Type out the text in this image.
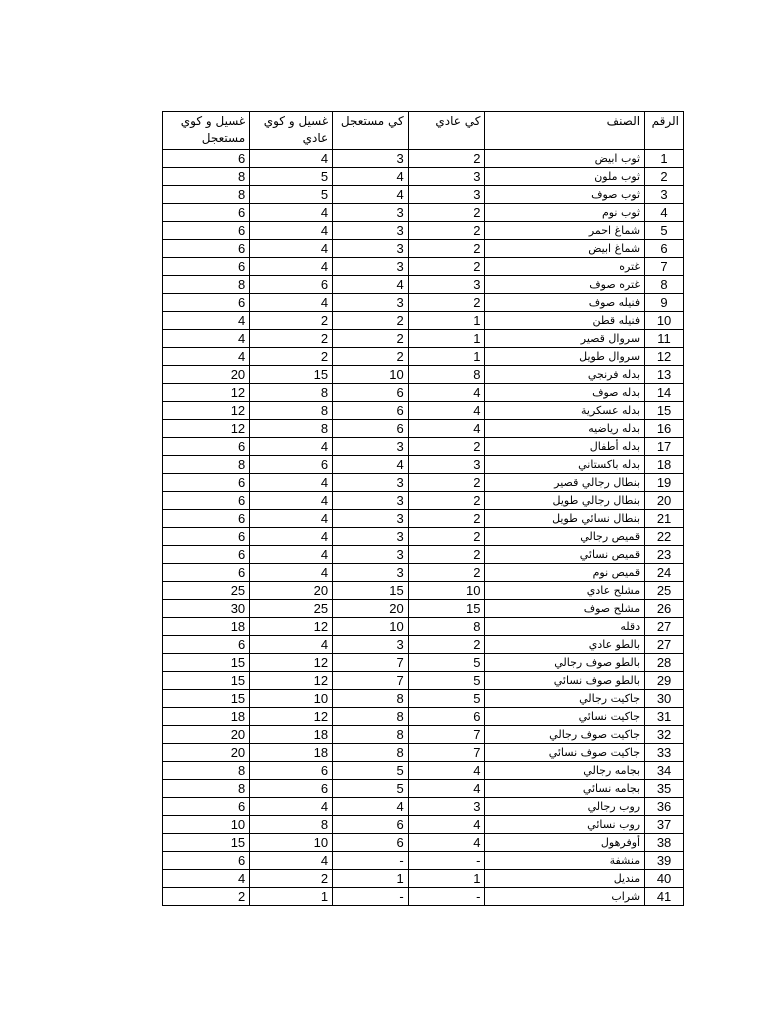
غسيل و كوي مستعجل	غسيل و كوي عادي	كي مستعجل	كي عادي	الصنف	الرقم
6	4	3	2	ثوب ابيض	1
8	5	4	3	ثوب ملون	2
8	5	4	3	ثوب صوف	3
6	4	3	2	ثوب نوم	4
6	4	3	2	شماغ احمر	5
6	4	3	2	شماغ ابيض	6
6	4	3	2	غتره	7
8	6	4	3	غتره صوف	8
6	4	3	2	فنيله صوف	9
4	2	2	1	فنيله قطن	10
4	2	2	1	سروال قصير	11
4	2	2	1	سروال طويل	12
20	15	10	8	بدله فرنجي	13
12	8	6	4	بدله صوف	14
12	8	6	4	بدله عسكرية	15
12	8	6	4	بدله رياضيه	16
6	4	3	2	بدله أطفال	17
8	6	4	3	بدله باكستاني	18
6	4	3	2	بنطال رجالي قصير	19
6	4	3	2	بنطال رجالي طويل	20
6	4	3	2	بنطال نسائي طويل	21
6	4	3	2	قميص رجالي	22
6	4	3	2	قميص نسائي	23
6	4	3	2	قميص نوم	24
25	20	15	10	مشلح عادي	25
30	25	20	15	مشلح صوف	26
18	12	10	8	دقله	27
6	4	3	2	بالطو عادي	27
15	12	7	5	بالطو صوف رجالي	28
15	12	7	5	بالطو صوف نسائي	29
15	10	8	5	جاكيت رجالي	30
18	12	8	6	جاكيت نسائي	31
20	18	8	7	جاكيت صوف رجالي	32
20	18	8	7	جاكيت صوف نسائي	33
8	6	5	4	بجامه رجالي	34
8	6	5	4	بجامه نسائي	35
6	4	4	3	روب رجالي	36
10	8	6	4	روب نسائي	37
15	10	6	4	أوفرهول	38
6	4	-	-	منشفة	39
4	2	1	1	منديل	40
2	1	-	-	شراب	41
